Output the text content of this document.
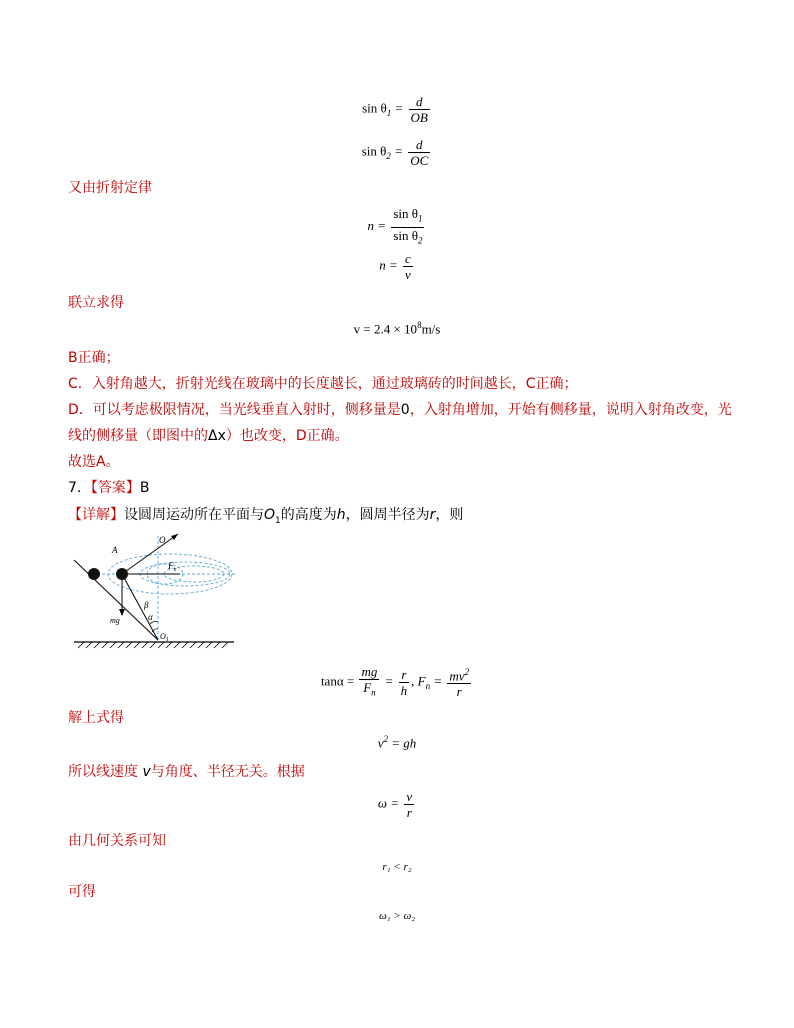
$\sin \theta_1 = \frac{d}{OB}$
$\sin \theta_2 = \frac{d}{OC}$
又由折射定律
$n = \frac{\sin \theta_1}{\sin \theta_2}$
$n = \frac{c}{v}$
联立求得
$v = 2.4 \times 10^8m/s$
B正确；
C．入射角越大，折射光线在玻璃中的长度越长，通过玻璃砖的时间越长，C正确；
D．可以考虑极限情况，当光线垂直入射时，侧移量是0，入射角增加，开始有侧移量，说明入射角改变，光
线的侧移量（即图中的Δx）也改变，D正确。
故选A。
7．【答案】B
【详解】设圆周运动所在平面与$O_1$的高度为h，圆周半径为r，则
A
O
$F_n$
mg
β
α
$O_1$
$\tan\alpha = \frac{mg}{F_n} = \frac{r}{h}$ , $F_n = \frac{mv^2}{r}$
解上式得
$v^2$ = gh
所以线速度 v与角度、半径无关。根据
$\omega = \frac{v}{r}$
由几何关系可知
r₁ < r₂
可得
ω₁ > ω₂
